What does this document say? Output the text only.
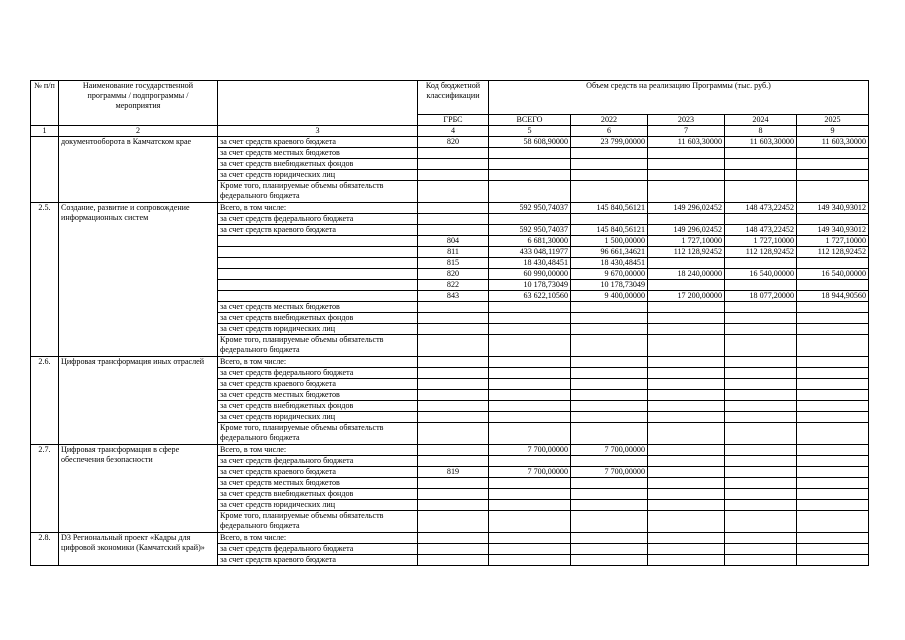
№ п/п	Наименование государственной программы / подпрограммы / мероприятия		Код бюджетной классификации	Объем средств на реализацию Программы (тыс. руб.)				
			ГРБС	ВСЕГО	2022	2023	2024	2025
1	2	3	4	5	6	7	8	9
	документооборота в Камчатском крае	за счет средств краевого бюджета	820	58 608,90000	23 799,00000	11 603,30000	11 603,30000	11 603,30000
		за счет средств местных бюджетов						
		за счет средств внебюджетных фондов						
		за счет средств юридических лиц						
		Кроме того, планируемые объемы обязательств федерального бюджета						
2.5.	Создание, развитие и сопровождение информационных систем	Всего, в том числе:		592 950,74037	145 840,56121	149 296,02452	148 473,22452	149 340,93012
		за счет средств федерального бюджета						
		за счет средств краевого бюджета		592 950,74037	145 840,56121	149 296,02452	148 473,22452	149 340,93012
			804	6 681,30000	1 500,00000	1 727,10000	1 727,10000	1 727,10000
			811	433 048,11977	96 661,34621	112 128,92452	112 128,92452	112 128,92452
			815	18 430,48451	18 430,48451			
			820	60 990,00000	9 670,00000	18 240,00000	16 540,00000	16 540,00000
			822	10 178,73049	10 178,73049			
			843	63 622,10560	9 400,00000	17 200,00000	18 077,20000	18 944,90560
		за счет средств местных бюджетов						
		за счет средств внебюджетных фондов						
		за счет средств юридических лиц						
		Кроме того, планируемые объемы обязательств федерального бюджета						
2.6.	Цифровая трансформация иных отраслей	Всего, в том числе:						
		за счет средств федерального бюджета						
		за счет средств краевого бюджета						
		за счет средств местных бюджетов						
		за счет средств внебюджетных фондов						
		за счет средств юридических лиц						
		Кроме того, планируемые объемы обязательств федерального бюджета						
2.7.	Цифровая трансформация в сфере обеспечения безопасности	Всего, в том числе:		7 700,00000	7 700,00000			
		за счет средств федерального бюджета						
		за счет средств краевого бюджета	819	7 700,00000	7 700,00000			
		за счет средств местных бюджетов						
		за счет средств внебюджетных фондов						
		за счет средств юридических лиц						
		Кроме того, планируемые объемы обязательств федерального бюджета						
2.8.	D3 Региональный проект «Кадры для цифровой экономики (Камчатский край)»	Всего, в том числе:						
		за счет средств федерального бюджета						
		за счет средств краевого бюджета						
